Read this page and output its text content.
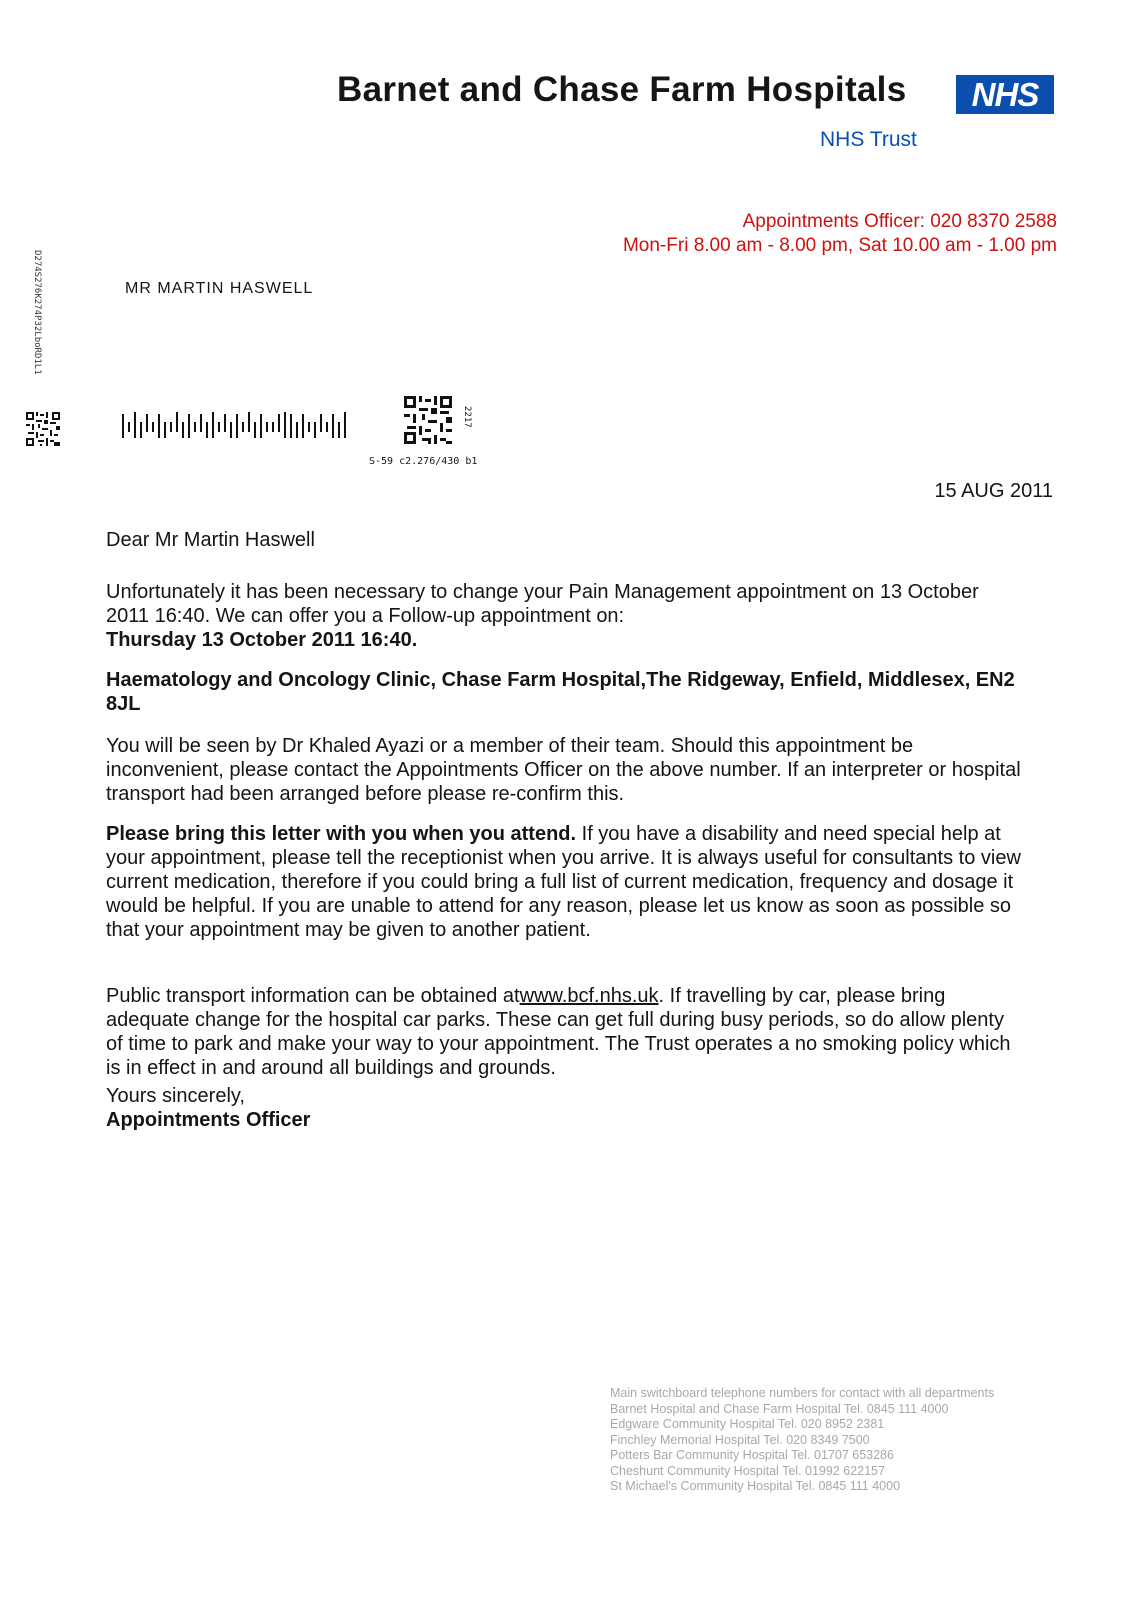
Barnet and Chase Farm Hospitals	NHS
NHS Trust
Appointments Officer: 020 8370 2588
Mon-Fri 8.00 am - 8.00 pm, Sat 10.00 am - 1.00 pm
D274S276K274P32LboRD1L1	MR MARTIN HASWELL
2217
S-59 c2.276/430 b1
15 AUG 2011
Dear Mr Martin Haswell
Unfortunately it has been necessary to change your Pain Management appointment on 13 October 2011 16:40. We can offer you a Follow-up appointment on:
Thursday 13 October 2011 16:40.
Haematology and Oncology Clinic, Chase Farm Hospital,The Ridgeway, Enfield, Middlesex, EN2 8JL
You will be seen by Dr Khaled Ayazi or a member of their team. Should this appointment be inconvenient, please contact the Appointments Officer on the above number. If an interpreter or hospital transport had been arranged before please re-confirm this.
Please bring this letter with you when you attend. If you have a disability and need special help at your appointment, please tell the receptionist when you arrive. It is always useful for consultants to view current medication, therefore if you could bring a full list of current medication, frequency and dosage it would be helpful. If you are unable to attend for any reason, please let us know as soon as possible so that your appointment may be given to another patient.
Public transport information can be obtained atwww.bcf.nhs.uk. If travelling by car, please bring adequate change for the hospital car parks. These can get full during busy periods, so do allow plenty of time to park and make your way to your appointment. The Trust operates a no smoking policy which is in effect in and around all buildings and grounds.
Yours sincerely,
Appointments Officer
Main switchboard telephone numbers for contact with all departments
Barnet Hospital and Chase Farm Hospital Tel. 0845 111 4000
Edgware Community Hospital Tel. 020 8952 2381
Finchley Memorial Hospital Tel. 020 8349 7500
Potters Bar Community Hospital Tel. 01707 653286
Cheshunt Community Hospital Tel. 01992 622157
St Michael's Community Hospital Tel. 0845 111 4000
